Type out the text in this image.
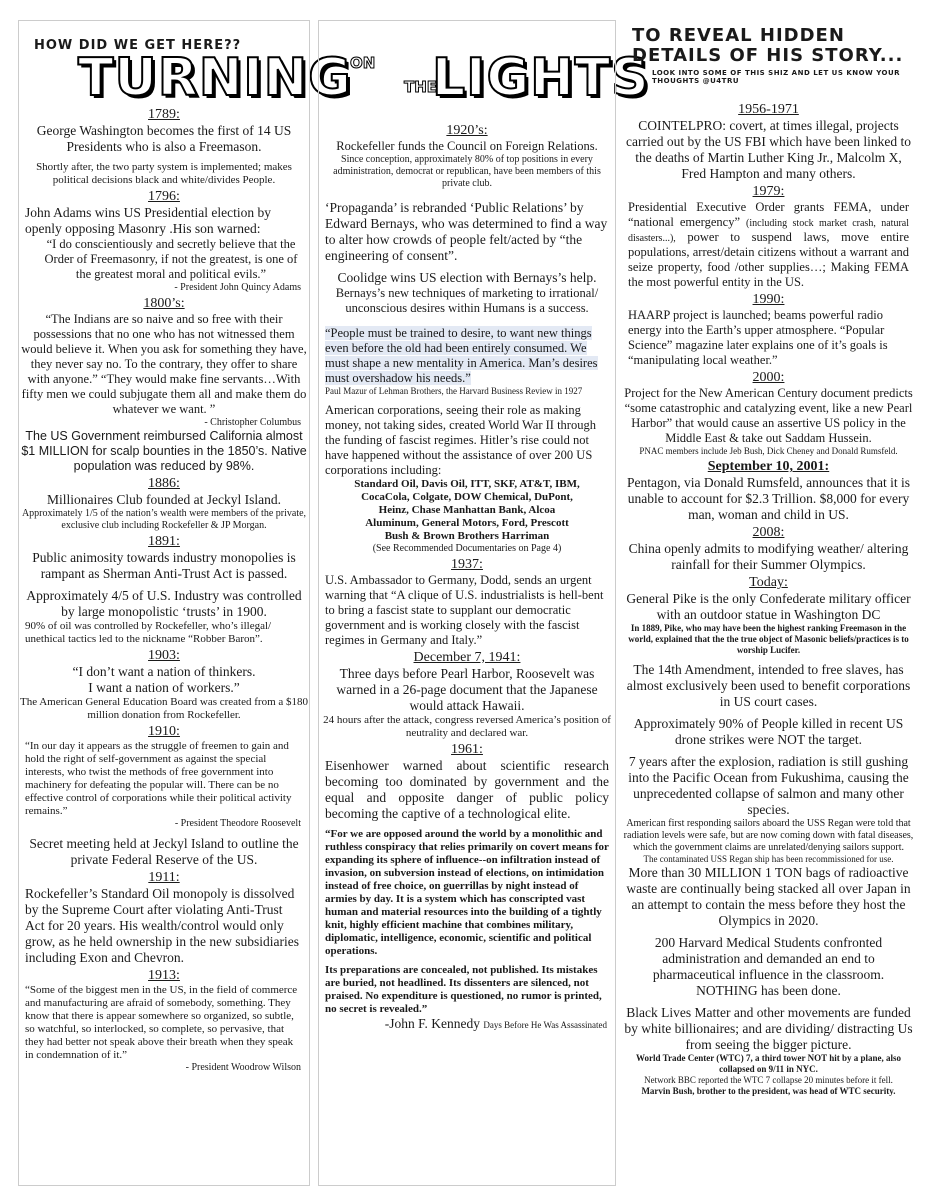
HOW DID WE GET HERE??
TURNING
ON
THE
LIGHTS
TO REVEAL HIDDEN
DETAILS OF HIS STORY...
LOOK INTO SOME OF THIS SHIZ AND LET US KNOW YOUR THOUGHTS @U4TRU

1789:

George Washington becomes the first of 14 US Presidents who is also a Freemason.

Shortly after, the two party system is implemented; makes political decisions black and white/divides People.

1796:

John Adams wins US Presidential election by openly opposing Masonry .His son warned:

“I do conscientiously and secretly believe that the Order of Freemasonry, if not the greatest, is one of the greatest moral and political evils.”

- President John Quincy Adams

1800’s:

“The Indians are so naive and so free with their possessions that no one who has not witnessed them would believe it. When you ask for something they have, they never say no. To the contrary, they offer to share with anyone.” “They would make fine servants…With fifty men we could subjugate them all and make them do whatever we want. ”

- Christopher Columbus

The US Government reimbursed California almost $1 MILLION for scalp bounties in the 1850’s. Native population was reduced by 98%.

1886:

Millionaires Club founded at Jeckyl Island.

Approximately 1/5 of the nation’s wealth were members of the private, exclusive club including Rockefeller & JP Morgan.

1891:

Public animosity towards industry monopolies is rampant as Sherman Anti-Trust Act is passed.

Approximately 4/5 of U.S. Industry was controlled by large monopolistic ‘trusts’ in 1900.

90% of oil was controlled by Rockefeller, who’s illegal/ unethical tactics led to the nickname “Robber Baron”.

1903:

“I don’t want a nation of thinkers. I want a nation of workers.”

The American General Education Board was created from a $180 million donation from Rockefeller.

1910:

“In our day it appears as the struggle of freemen to gain and hold the right of self-government as against the special interests, who twist the methods of free government into machinery for defeating the popular will. There can be no effective control of corporations while their political activity remains.”

- President Theodore Roosevelt

Secret meeting held at Jeckyl Island to outline the private Federal Reserve of the US.

1911:

Rockefeller’s Standard Oil monopoly is dissolved by the Supreme Court after violating Anti-Trust Act for 20 years. His wealth/control would only grow, as he held ownership in the new subsidiaries including Exon and Chevron.

1913:

“Some of the biggest men in the US, in the field of commerce and manufacturing are afraid of somebody, something. They know that there is appear somewhere so organized, so subtle, so watchful, so interlocked, so complete, so pervasive, that they had better not speak above their breath when they speak in condemnation of it.”

- President Woodrow Wilson

1920’s:

Rockefeller funds the Council on Foreign Relations.

Since conception, approximately 80% of top positions in every administration, democrat or republican, have been members of this private club.

‘Propaganda’ is rebranded ‘Public Relations’ by Edward Bernays, who was determined to find a way to alter how crowds of people felt/acted by “the engineering of consent”.

Coolidge wins US election with Bernays’s help.

Bernays’s new techniques of marketing to irrational/ unconscious desires within Humans is a success.

“People must be trained to desire, to want new things even before the old had been entirely consumed. We must shape a new mentality in America. Man’s desires must overshadow his needs.”

Paul Mazur of Lehman Brothers, the Harvard Business Review in 1927

American corporations, seeing their role as making money, not taking sides, created World War II through the funding of fascist regimes. Hitler’s rise could not have happened without the assistance of over 200 US corporations including:

Standard Oil, Davis Oil, ITT, SKF, AT&T, IBM, CocaCola, Colgate, DOW Chemical, DuPont, Heinz, Chase Manhattan Bank, Alcoa Aluminum, General Motors, Ford, Prescott Bush & Brown Brothers Harriman

(See Recommended Documentaries on Page 4)

1937:

U.S. Ambassador to Germany, Dodd, sends an urgent warning that “A clique of U.S. industrialists is hell-bent to bring a fascist state to supplant our democratic government and is working closely with the fascist regimes in Germany and Italy.”

December 7, 1941:

Three days before Pearl Harbor, Roosevelt was warned in a 26-page document that the Japanese would attack Hawaii.

24 hours after the attack, congress reversed America’s position of neutrality and declared war.

1961:

Eisenhower warned about scientific research becoming too dominated by government and the equal and opposite danger of public policy becoming the captive of a technological elite.

“For we are opposed around the world by a monolithic and ruthless conspiracy that relies primarily on covert means for expanding its sphere of influence--on infiltration instead of invasion, on subversion instead of elections, on intimidation instead of free choice, on guerrillas by night instead of armies by day. It is a system which has conscripted vast human and material resources into the building of a tightly knit, highly efficient machine that combines military, diplomatic, intelligence, economic, scientific and political operations.

Its preparations are concealed, not published. Its mistakes are buried, not headlined. Its dissenters are silenced, not praised. No expenditure is questioned, no rumor is printed, no secret is revealed.”

-John F. Kennedy Days Before He Was Assassinated

1956-1971

COINTELPRO: covert, at times illegal, projects carried out by the US FBI which have been linked to the deaths of Martin Luther King Jr., Malcolm X, Fred Hampton and many others.

1979:

Presidential Executive Order grants FEMA, under “national emergency” (including stock market crash, natural disasters...), power to suspend laws, move entire populations, arrest/detain citizens without a warrant and seize property, food /other supplies…; Making FEMA the most powerful entity in the US.

1990:

HAARP project is launched; beams powerful radio energy into the Earth’s upper atmosphere. “Popular Science” magazine later explains one of it’s goals is “manipulating local weather.”

2000:

Project for the New American Century document predicts “some catastrophic and catalyzing event, like a new Pearl Harbor” that would cause an assertive US policy in the Middle East & take out Saddam Hussein.

PNAC members include Jeb Bush, Dick Cheney and Donald Rumsfeld.

September 10, 2001:

Pentagon, via Donald Rumsfeld, announces that it is unable to account for $2.3 Trillion. $8,000 for every man, woman and child in US.

2008:

China openly admits to modifying weather/ altering rainfall for their Summer Olympics.

Today:

General Pike is the only Confederate military officer with an outdoor statue in Washington DC

In 1889, Pike, who may have been the highest ranking Freemason in the world, explained that the the true object of Masonic beliefs/practices is to worship Lucifer.

The 14th Amendment, intended to free slaves, has almost exclusively been used to benefit corporations in US court cases.

Approximately 90% of People killed in recent US drone strikes were NOT the target.

7 years after the explosion, radiation is still gushing into the Pacific Ocean from Fukushima, causing the unprecedented collapse of salmon and many other species.

American first responding sailors aboard the USS Regan were told that radiation levels were safe, but are now coming down with fatal diseases, which the government claims are unrelated/denying sailors support.

The contaminated USS Regan ship has been recommissioned for use.

More than 30 MILLION 1 TON bags of radioactive waste are continually being stacked all over Japan in an attempt to contain the mess before they host the Olympics in 2020.

200 Harvard Medical Students confronted administration and demanded an end to pharmaceutical influence in the classroom. NOTHING has been done.

Black Lives Matter and other movements are funded by white billionaires; and are dividing/ distracting Us from seeing the bigger picture.

World Trade Center (WTC) 7, a third tower NOT hit by a plane, also collapsed on 9/11 in NYC.

Network BBC reported the WTC 7 collapse 20 minutes before it fell.

Marvin Bush, brother to the president, was head of WTC security.
